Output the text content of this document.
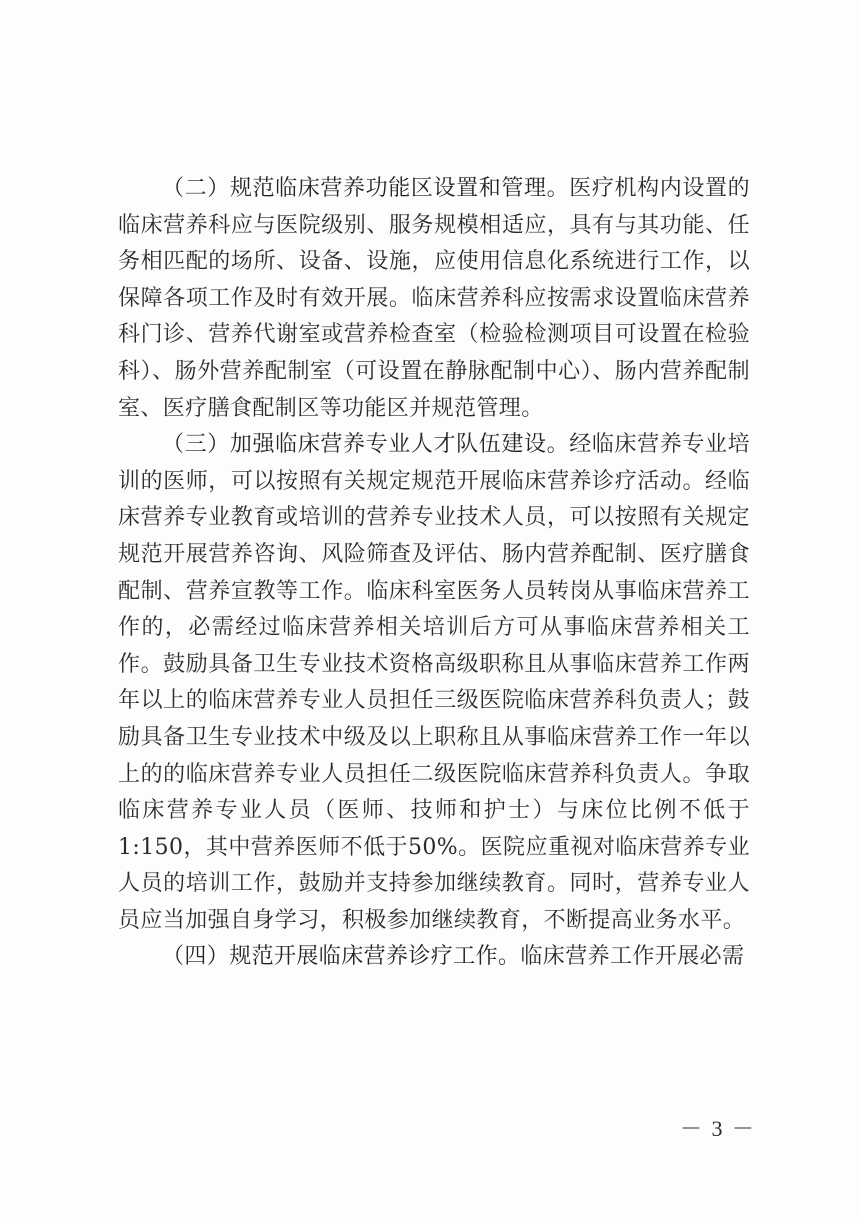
（二）规范临床营养功能区设置和管理。医疗机构内设置的临床营养科应与医院级别、服务规模相适应，具有与其功能、任务相匹配的场所、设备、设施，应使用信息化系统进行工作，以保障各项工作及时有效开展。临床营养科应按需求设置临床营养科门诊、营养代谢室或营养检查室（检验检测项目可设置在检验科）、肠外营养配制室（可设置在静脉配制中心）、肠内营养配制室、医疗膳食配制区等功能区并规范管理。

（三）加强临床营养专业人才队伍建设。经临床营养专业培训的医师，可以按照有关规定规范开展临床营养诊疗活动。经临床营养专业教育或培训的营养专业技术人员，可以按照有关规定规范开展营养咨询、风险筛查及评估、肠内营养配制、医疗膳食配制、营养宣教等工作。临床科室医务人员转岗从事临床营养工作的，必需经过临床营养相关培训后方可从事临床营养相关工作。鼓励具备卫生专业技术资格高级职称且从事临床营养工作两年以上的临床营养专业人员担任三级医院临床营养科负责人；鼓励具备卫生专业技术中级及以上职称且从事临床营养工作一年以上的的临床营养专业人员担任二级医院临床营养科负责人。争取临床营养专业人员（医师、技师和护士）与床位比例不低于1:150，其中营养医师不低于50%。医院应重视对临床营养专业人员的培训工作，鼓励并支持参加继续教育。同时，营养专业人员应当加强自身学习，积极参加继续教育，不断提高业务水平。

（四）规范开展临床营养诊疗工作。临床营养工作开展必需

－ 3 －
